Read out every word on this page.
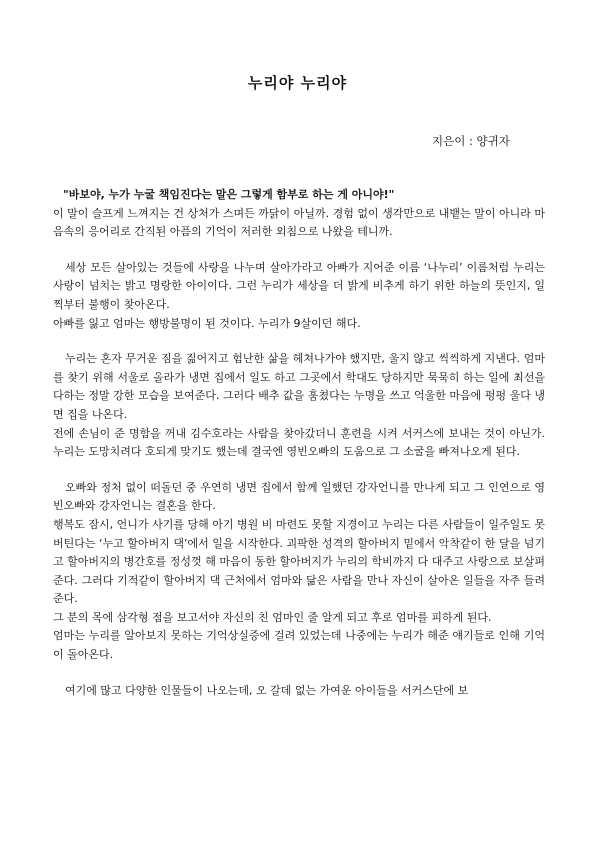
누리야 누리야
지은이 : 양귀자
"바보야, 누가 누굴 책임진다는 말은 그렇게 함부로 하는 게 아니야!"

이 말이 슬프게 느껴지는 건 상처가 스며든 까닭이 아닐까. 경험 없이 생각만으로 내뱉는 말이 아니라 마음속의 응어리로 간직된 아픔의 기억이 저러한 외침으로 나왔을 테니까.

세상 모든 살아있는 것들에 사랑을 나누며 살아가라고 아빠가 지어준 이름 ‘나누리’ 이름처럼 누리는 사랑이 넘치는 밝고 명랑한 아이이다. 그런 누리가 세상을 더 밝게 비추게 하기 위한 하늘의 뜻인지, 일찍부터 불행이 찾아온다.

아빠를 잃고 엄마는 행방불명이 된 것이다. 누리가 9살이던 해다.

누리는 혼자 무거운 짐을 짊어지고 험난한 삶을 헤쳐나가야 했지만, 울지 않고 씩씩하게 지낸다. 엄마를 찾기 위해 서울로 올라가 냉면 집에서 일도 하고 그곳에서 학대도 당하지만 묵묵히 하는 일에 최선을 다하는 정말 강한 모습을 보여준다. 그러다 배추 값을 훔쳤다는 누명을 쓰고 억울한 마음에 펑펑 울다 냉면 집을 나온다.

전에 손님이 준 명함을 꺼내 김수호라는 사람을 찾아갔더니 훈련을 시켜 서커스에 보내는 것이 아닌가. 누리는 도망치려다 호되게 맞기도 했는데 결국엔 영빈오빠의 도움으로 그 소굴을 빠져나오게 된다.

오빠와 정처 없이 떠돌던 중 우연히 냉면 집에서 함께 일했던 강자언니를 만나게 되고 그 인연으로 영빈오빠와 강자언니는 결혼을 한다.

행복도 잠시, 언니가 사기를 당해 아기 병원 비 마련도 못할 지경이고 누리는 다른 사람들이 일주일도 못 버틴다는 ‘누고 할아버지 댁’에서 일을 시작한다. 괴팍한 성격의 할아버지 밑에서 악착같이 한 달을 넘기고 할아버지의 병간호를 정성껏 해 마음이 동한 할아버지가 누리의 학비까지 다 대주고 사랑으로 보살펴 준다. 그러다 기적같이 할아버지 댁 근처에서 엄마와 닮은 사람을 만나 자신이 살아온 일들을 자주 들려준다.

그 분의 목에 삼각형 점을 보고서야 자신의 친 엄마인 줄 알게 되고 후로 엄마를 피하게 된다.

엄마는 누리를 알아보지 못하는 기억상실증에 걸려 있었는데 나중에는 누리가 해준 얘기들로 인해 기억이 돌아온다.

여기에 많고 다양한 인물들이 나오는데, 오 갈데 없는 가여운 아이들을 서커스단에 보
